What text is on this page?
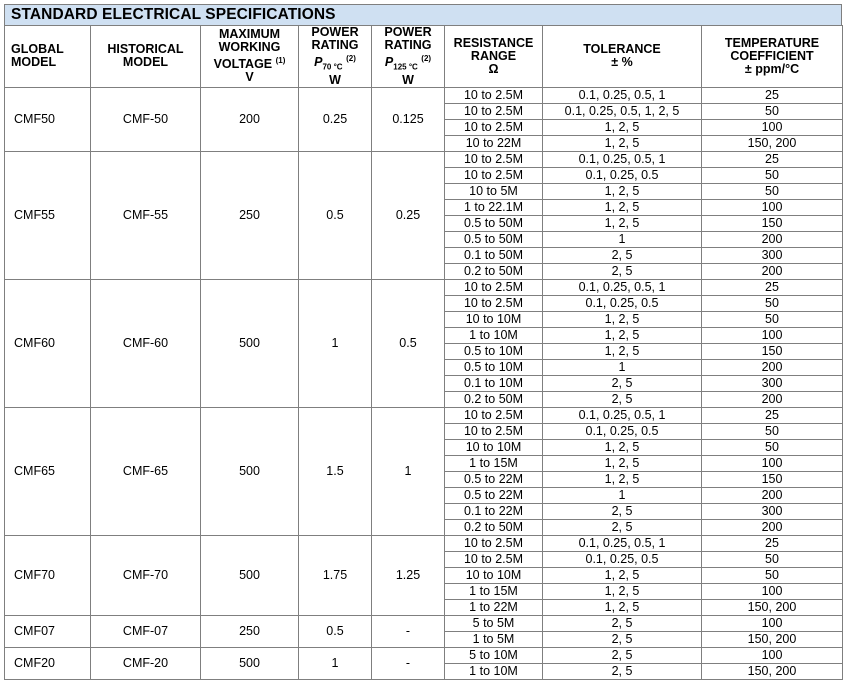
STANDARD ELECTRICAL SPECIFICATIONS
GLOBAL
MODEL	HISTORICAL
MODEL	MAXIMUM
WORKING
VOLTAGE $^{(1)}$
V	POWER
RATING
$P_{70 ^\circ C}$ $^{(2)}$
W	POWER
RATING
$P_{125 ^\circ C}$ $^{(2)}$
W	RESISTANCE
RANGE
Ω	TOLERANCE
± %	TEMPERATURE
COEFFICIENT
± ppm/°C
CMF50	CMF-50	200	0.25	0.125	10 to 2.5M	0.1, 0.25, 0.5, 1	25
					10 to 2.5M	0.1, 0.25, 0.5, 1, 2, 5	50
					10 to 2.5M	1, 2, 5	100
					10 to 22M	1, 2, 5	150, 200
CMF55	CMF-55	250	0.5	0.25	10 to 2.5M	0.1, 0.25, 0.5, 1	25
					10 to 2.5M	0.1, 0.25, 0.5	50
					10 to 5M	1, 2, 5	50
					1 to 22.1M	1, 2, 5	100
					0.5 to 50M	1, 2, 5	150
					0.5 to 50M	1	200
					0.1 to 50M	2, 5	300
					0.2 to 50M	2, 5	200
CMF60	CMF-60	500	1	0.5	10 to 2.5M	0.1, 0.25, 0.5, 1	25
					10 to 2.5M	0.1, 0.25, 0.5	50
					10 to 10M	1, 2, 5	50
					1 to 10M	1, 2, 5	100
					0.5 to 10M	1, 2, 5	150
					0.5 to 10M	1	200
					0.1 to 10M	2, 5	300
					0.2 to 50M	2, 5	200
CMF65	CMF-65	500	1.5	1	10 to 2.5M	0.1, 0.25, 0.5, 1	25
					10 to 2.5M	0.1, 0.25, 0.5	50
					10 to 10M	1, 2, 5	50
					1 to 15M	1, 2, 5	100
					0.5 to 22M	1, 2, 5	150
					0.5 to 22M	1	200
					0.1 to 22M	2, 5	300
					0.2 to 50M	2, 5	200
CMF70	CMF-70	500	1.75	1.25	10 to 2.5M	0.1, 0.25, 0.5, 1	25
					10 to 2.5M	0.1, 0.25, 0.5	50
					10 to 10M	1, 2, 5	50
					1 to 15M	1, 2, 5	100
					1 to 22M	1, 2, 5	150, 200
CMF07	CMF-07	250	0.5	-	5 to 5M	2, 5	100
					1 to 5M	2, 5	150, 200
CMF20	CMF-20	500	1	-	5 to 10M	2, 5	100
					1 to 10M	2, 5	150, 200
